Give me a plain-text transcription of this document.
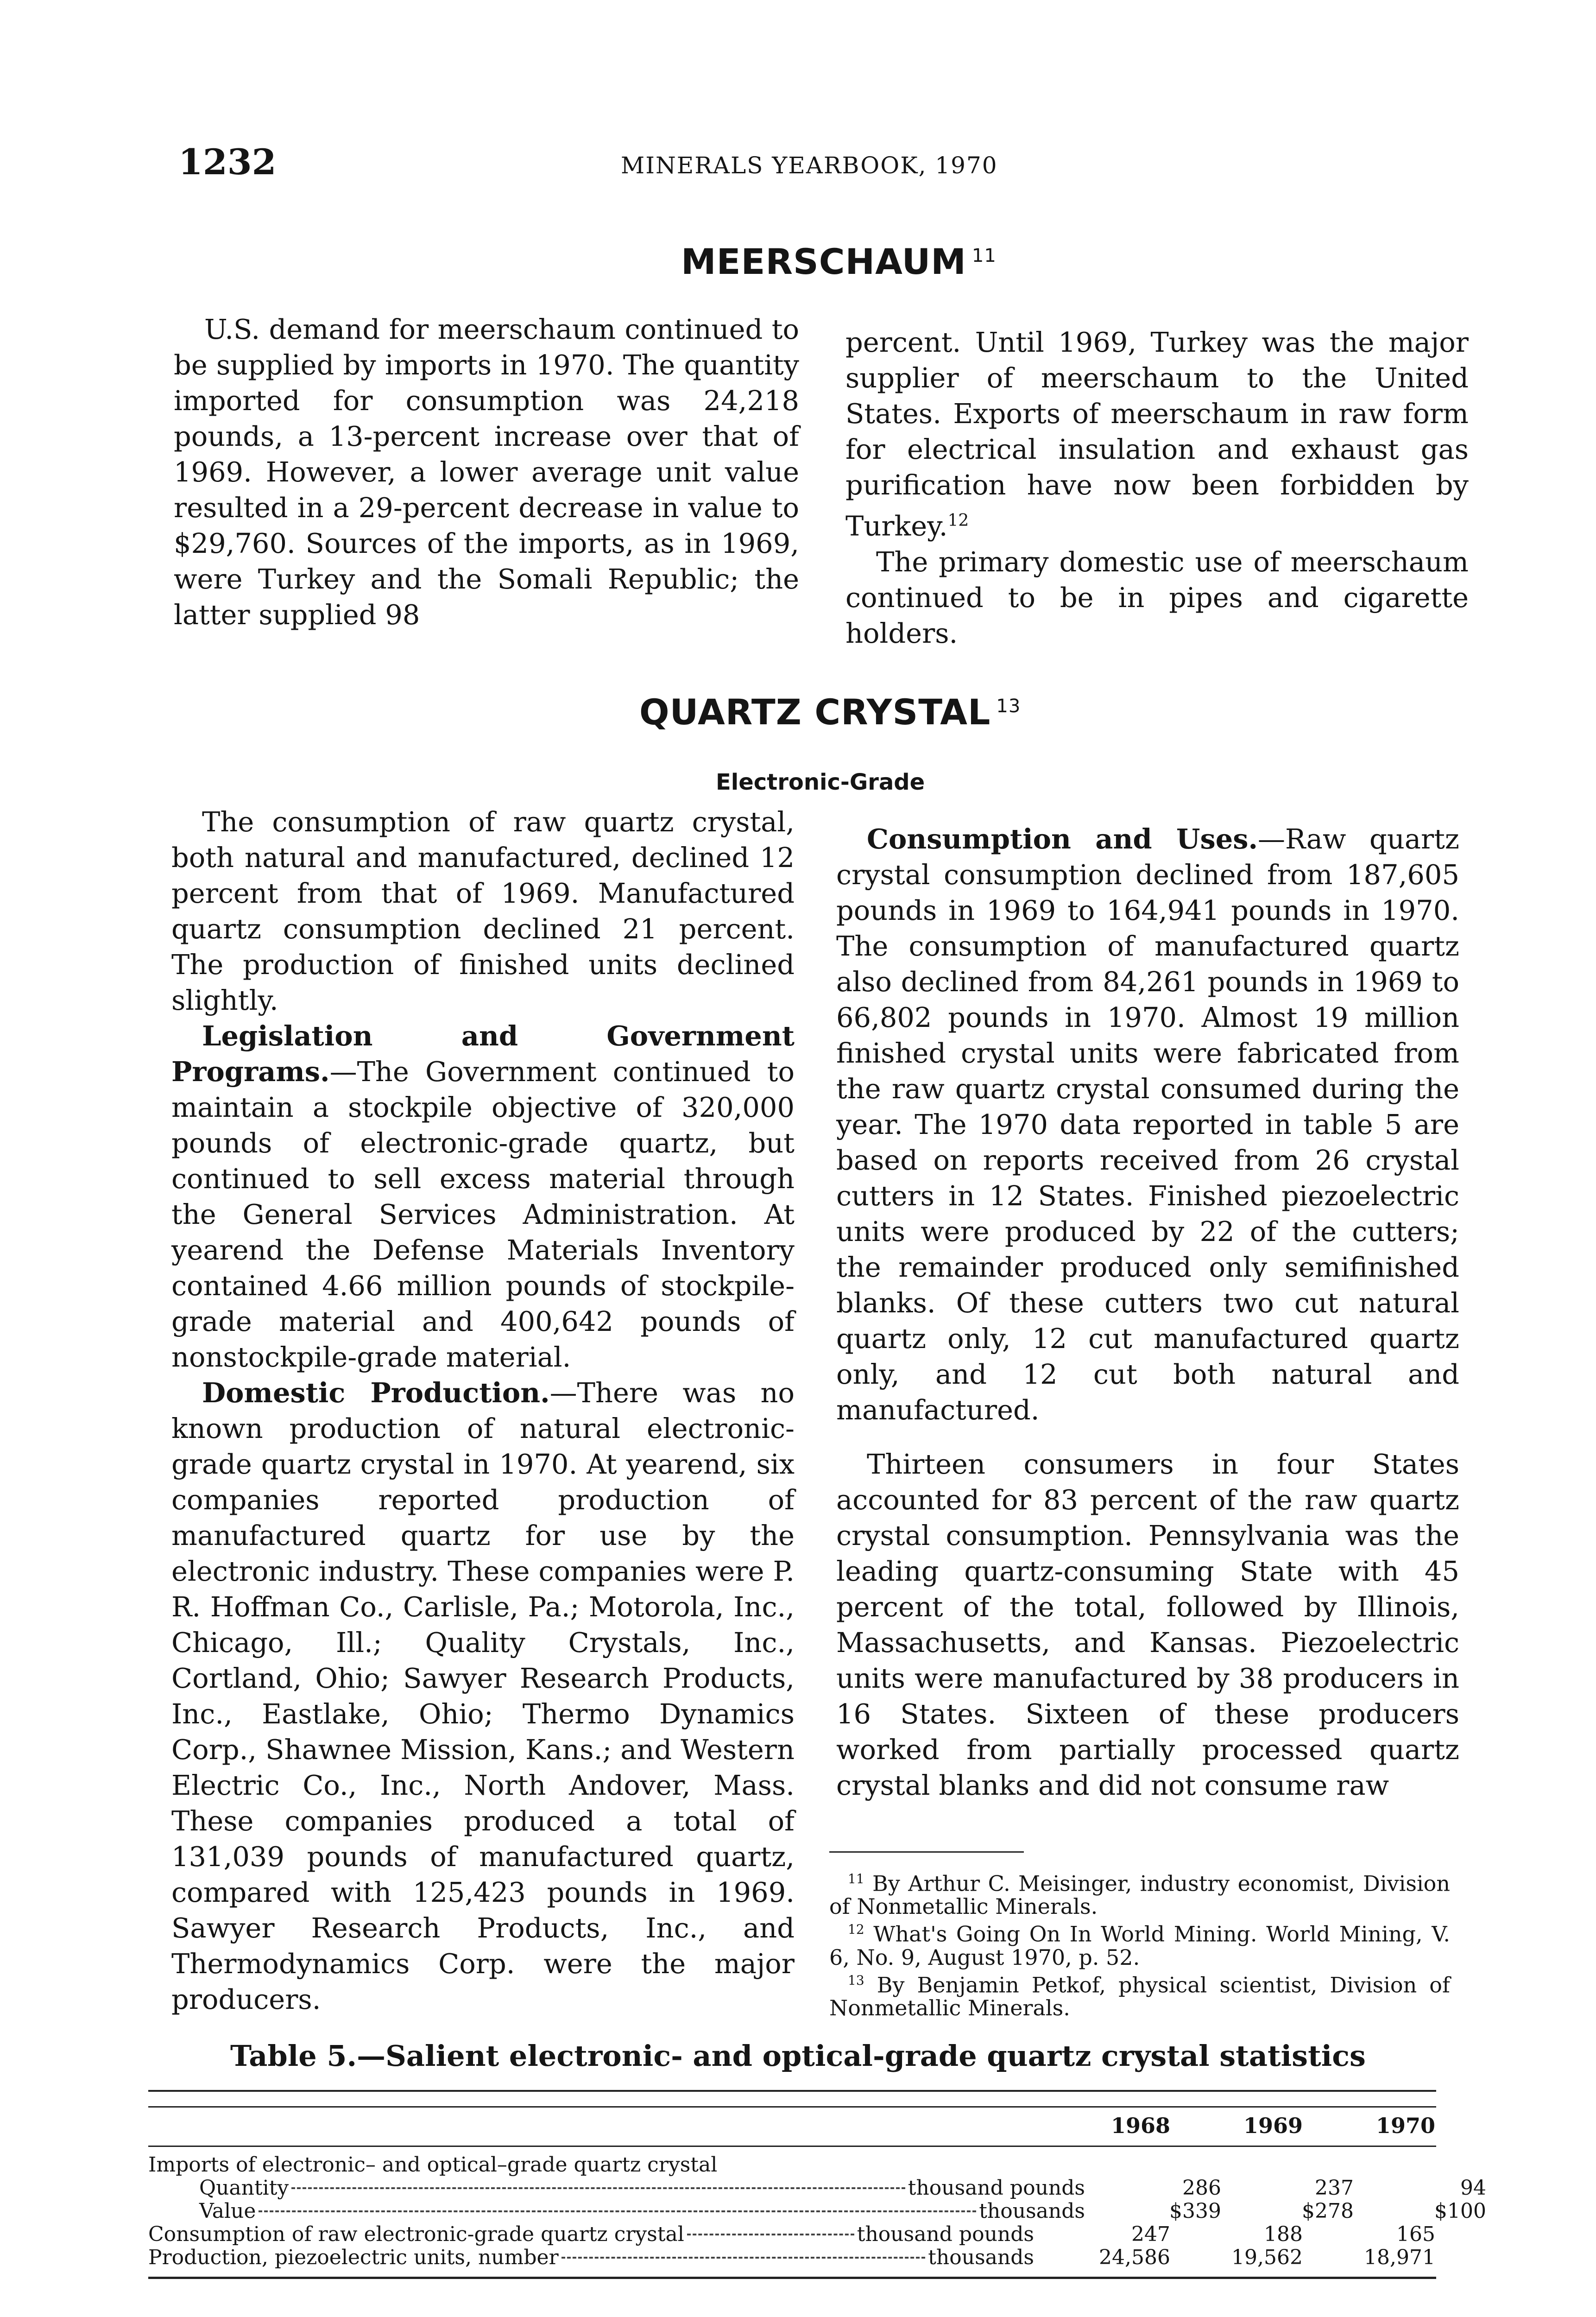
1232	MINERALS YEARBOOK, 1970
MEERSCHAUM $^{11}$

U.S. demand for meerschaum continued to be supplied by imports in 1970. The quantity imported for consumption was 24,218 pounds, a 13-percent increase over that of 1969. However, a lower average unit value resulted in a 29-percent decrease in value to $29,760. Sources of the imports, as in 1969, were Turkey and the Somali Republic; the latter supplied 98

percent. Until 1969, Turkey was the major supplier of meerschaum to the United States. Exports of meerschaum in raw form for electrical insulation and exhaust gas purification have now been forbidden by Turkey.$^{12}$

The primary domestic use of meerschaum continued to be in pipes and cigarette holders.

QUARTZ CRYSTAL $^{13}$
Electronic-Grade

The consumption of raw quartz crystal, both natural and manufactured, declined 12 percent from that of 1969. Manufactured quartz consumption declined 21 percent. The production of finished units declined slightly.

Legislation and Government Programs.—The Government continued to maintain a stockpile objective of 320,000 pounds of electronic-grade quartz, but continued to sell excess material through the General Services Administration. At yearend the Defense Materials Inventory contained 4.66 million pounds of stockpile-grade material and 400,642 pounds of nonstockpile-grade material.

Domestic Production.—There was no known production of natural electronic-grade quartz crystal in 1970. At yearend, six companies reported production of manufactured quartz for use by the electronic industry. These companies were P. R. Hoffman Co., Carlisle, Pa.; Motorola, Inc., Chicago, Ill.; Quality Crystals, Inc., Cortland, Ohio; Sawyer Research Products, Inc., Eastlake, Ohio; Thermo Dynamics Corp., Shawnee Mission, Kans.; and Western Electric Co., Inc., North Andover, Mass. These companies produced a total of 131,039 pounds of manufactured quartz, compared with 125,423 pounds in 1969. Sawyer Research Products, Inc., and Thermodynamics Corp. were the major producers.

Consumption and Uses.—Raw quartz crystal consumption declined from 187,605 pounds in 1969 to 164,941 pounds in 1970. The consumption of manufactured quartz also declined from 84,261 pounds in 1969 to 66,802 pounds in 1970. Almost 19 million finished crystal units were fabricated from the raw quartz crystal consumed during the year. The 1970 data reported in table 5 are based on reports received from 26 crystal cutters in 12 States. Finished piezoelectric units were produced by 22 of the cutters; the remainder produced only semifinished blanks. Of these cutters two cut natural quartz only, 12 cut manufactured quartz only, and 12 cut both natural and manufactured.

Thirteen consumers in four States accounted for 83 percent of the raw quartz crystal consumption. Pennsylvania was the leading quartz-consuming State with 45 percent of the total, followed by Illinois, Massachusetts, and Kansas. Piezoelectric units were manufactured by 38 producers in 16 States. Sixteen of these producers worked from partially processed quartz crystal blanks and did not consume raw

$^{11}$ By Arthur C. Meisinger, industry economist, Division of Nonmetallic Minerals.

$^{12}$ What's Going On In World Mining. World Mining, V. 6, No. 9, August 1970, p. 52.

$^{13}$ By Benjamin Petkof, physical scientist, Division of Nonmetallic Minerals.

Table 5.—Salient electronic- and optical-grade quartz crystal statistics
1968	1969	1970
Imports of electronic– and optical–grade quartz crystal
Quantity	thousand pounds	286	237	94
Value	thousands	$339	$278	$100
Consumption of raw electronic-grade quartz crystal	thousand pounds	247	188	165
Production, piezoelectric units, number	thousands	24,586	19,562	18,971
